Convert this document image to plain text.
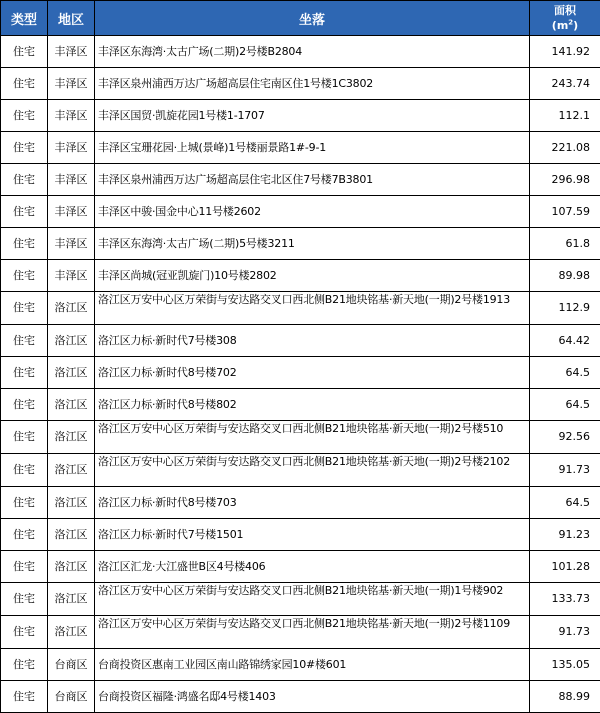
类型	地区	坐落	面积
$(m^2)$
住宅	丰泽区	丰泽区东海湾·太古广场(二期)2号楼B2804	141.92
住宅	丰泽区	丰泽区泉州浦西万达广场超高层住宅南区住1号楼1C3802	243.74
住宅	丰泽区	丰泽区国贸·凯旋花园1号楼1-1707	112.1
住宅	丰泽区	丰泽区宝珊花园·上城(景峰)1号楼丽景路1#-9-1	221.08
住宅	丰泽区	丰泽区泉州浦西万达广场超高层住宅北区住7号楼7B3801	296.98
住宅	丰泽区	丰泽区中骏·国金中心11号楼2602	107.59
住宅	丰泽区	丰泽区东海湾·太古广场(二期)5号楼3211	61.8
住宅	丰泽区	丰泽区尚城(冠亚凯旋门)10号楼2802	89.98
住宅	洛江区	洛江区万安中心区万荣街与安达路交叉口西北侧B21地块铭基·新天地(一期)2号楼1913	112.9
住宅	洛江区	洛江区力标·新时代7号楼308	64.42
住宅	洛江区	洛江区力标·新时代8号楼702	64.5
住宅	洛江区	洛江区力标·新时代8号楼802	64.5
住宅	洛江区	洛江区万安中心区万荣街与安达路交叉口西北侧B21地块铭基·新天地(一期)2号楼510	92.56
住宅	洛江区	洛江区万安中心区万荣街与安达路交叉口西北侧B21地块铭基·新天地(一期)2号楼2102	91.73
住宅	洛江区	洛江区力标·新时代8号楼703	64.5
住宅	洛江区	洛江区力标·新时代7号楼1501	91.23
住宅	洛江区	洛江区汇龙·大江盛世B区4号楼406	101.28
住宅	洛江区	洛江区万安中心区万荣街与安达路交叉口西北侧B21地块铭基·新天地(一期)1号楼902	133.73
住宅	洛江区	洛江区万安中心区万荣街与安达路交叉口西北侧B21地块铭基·新天地(一期)2号楼1109	91.73
住宅	台商区	台商投资区惠南工业园区南山路锦绣家园10#楼601	135.05
住宅	台商区	台商投资区福隆·鸿盛名邸4号楼1403	88.99
